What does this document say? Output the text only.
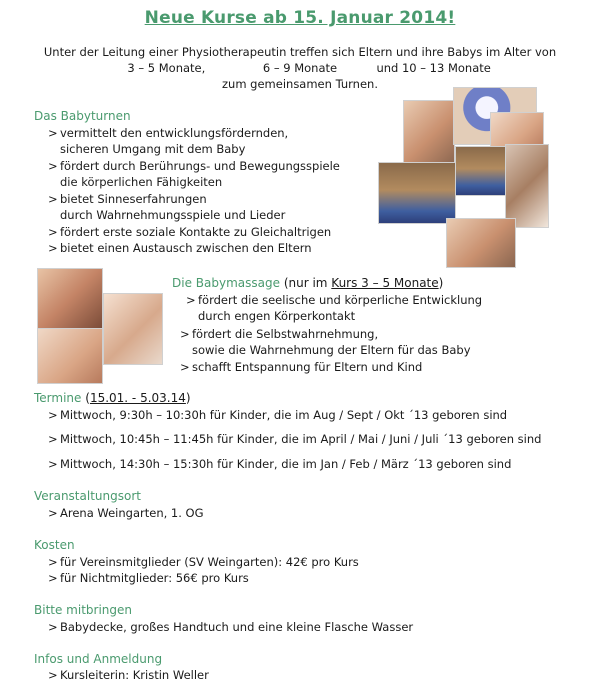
Neue Kurse ab 15. Januar 2014!
Unter der Leitung einer Physiotherapeutin treffen sich Eltern und ihre Babys im Alter von
3 – 5 Monate,	6 – 9 Monate	und 10 – 13 Monate
zum gemeinsamen Turnen.
Das Babyturnen
> vermittelt den entwicklungsfördernden,
sicheren Umgang mit dem Baby
> fördert durch Berührungs- und Bewegungsspiele
die körperlichen Fähigkeiten
> bietet Sinneserfahrungen
durch Wahrnehmungsspiele und Lieder
> fördert erste soziale Kontakte zu Gleichaltrigen
> bietet einen Austausch zwischen den Eltern
Die Babymassage (nur im Kurs 3 – 5 Monate)
> fördert die seelische und körperliche Entwicklung
durch engen Körperkontakt
> fördert die Selbstwahrnehmung,
sowie die Wahrnehmung der Eltern für das Baby
> schafft Entspannung für Eltern und Kind
Termine (15.01. - 5.03.14)
> Mittwoch, 9:30h – 10:30h für Kinder, die im Aug / Sept / Okt ´13 geboren sind
> Mittwoch, 10:45h – 11:45h für Kinder, die im April / Mai / Juni / Juli ´13 geboren sind
> Mittwoch, 14:30h – 15:30h für Kinder, die im Jan / Feb / März ´13 geboren sind
Veranstaltungsort
> Arena Weingarten, 1. OG
Kosten
> für Vereinsmitglieder (SV Weingarten): 42€ pro Kurs
> für Nichtmitglieder: 56€ pro Kurs
Bitte mitbringen
> Babydecke, großes Handtuch und eine kleine Flasche Wasser
Infos und Anmeldung
> Kursleiterin: Kristin Weller
